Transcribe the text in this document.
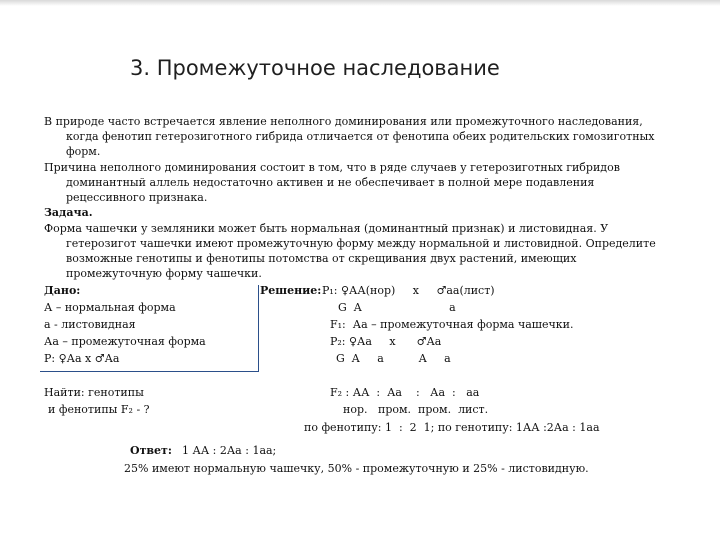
3. Промежуточное наследование
В природе часто встречается явление неполного доминирования или промежуточного наследования,
когда фенотип гетерозиготного гибрида отличается от фенотипа обеих родительских гомозиготных
форм.
Причина неполного доминирования состоит в том, что в ряде случаев у гетерозиготных гибридов
доминантный аллель недостаточно активен и не обеспечивает в полной мере подавления
рецессивного признака.
Задача.
Форма чашечки у земляники может быть нормальная (доминантный признак) и листовидная. У
гетерозигот чашечки имеют промежуточную форму между нормальной и листовидной. Определите
возможные генотипы и фенотипы потомства от скрещивания двух растений, имеющих
промежуточную форму чашечки.
Дано:
А – нормальная форма
а - листовидная
Аа – промежуточная форма
Р: ♀Аа х ♂Аа
Решение: Р₁: ♀АА(нор)     х     ♂аа(лист)
G  A                         a
F₁:  Аа – промежуточная форма чашечки.
P₂: ♀Аа     х      ♂Аа
G  A     a          A     a
Найти: генотипы
и фенотипы F₂ - ?
F₂ : АА  :  Аа    :   Аа  :   аа
нор.   пром.  пром.  лист.
по фенотипу: 1  :  2  1; по генотипу: 1АА :2Аа : 1аа
Ответ: 1 АА : 2Аа : 1аа;
25% имеют нормальную чашечку, 50% - промежуточную и 25% - листовидную.
